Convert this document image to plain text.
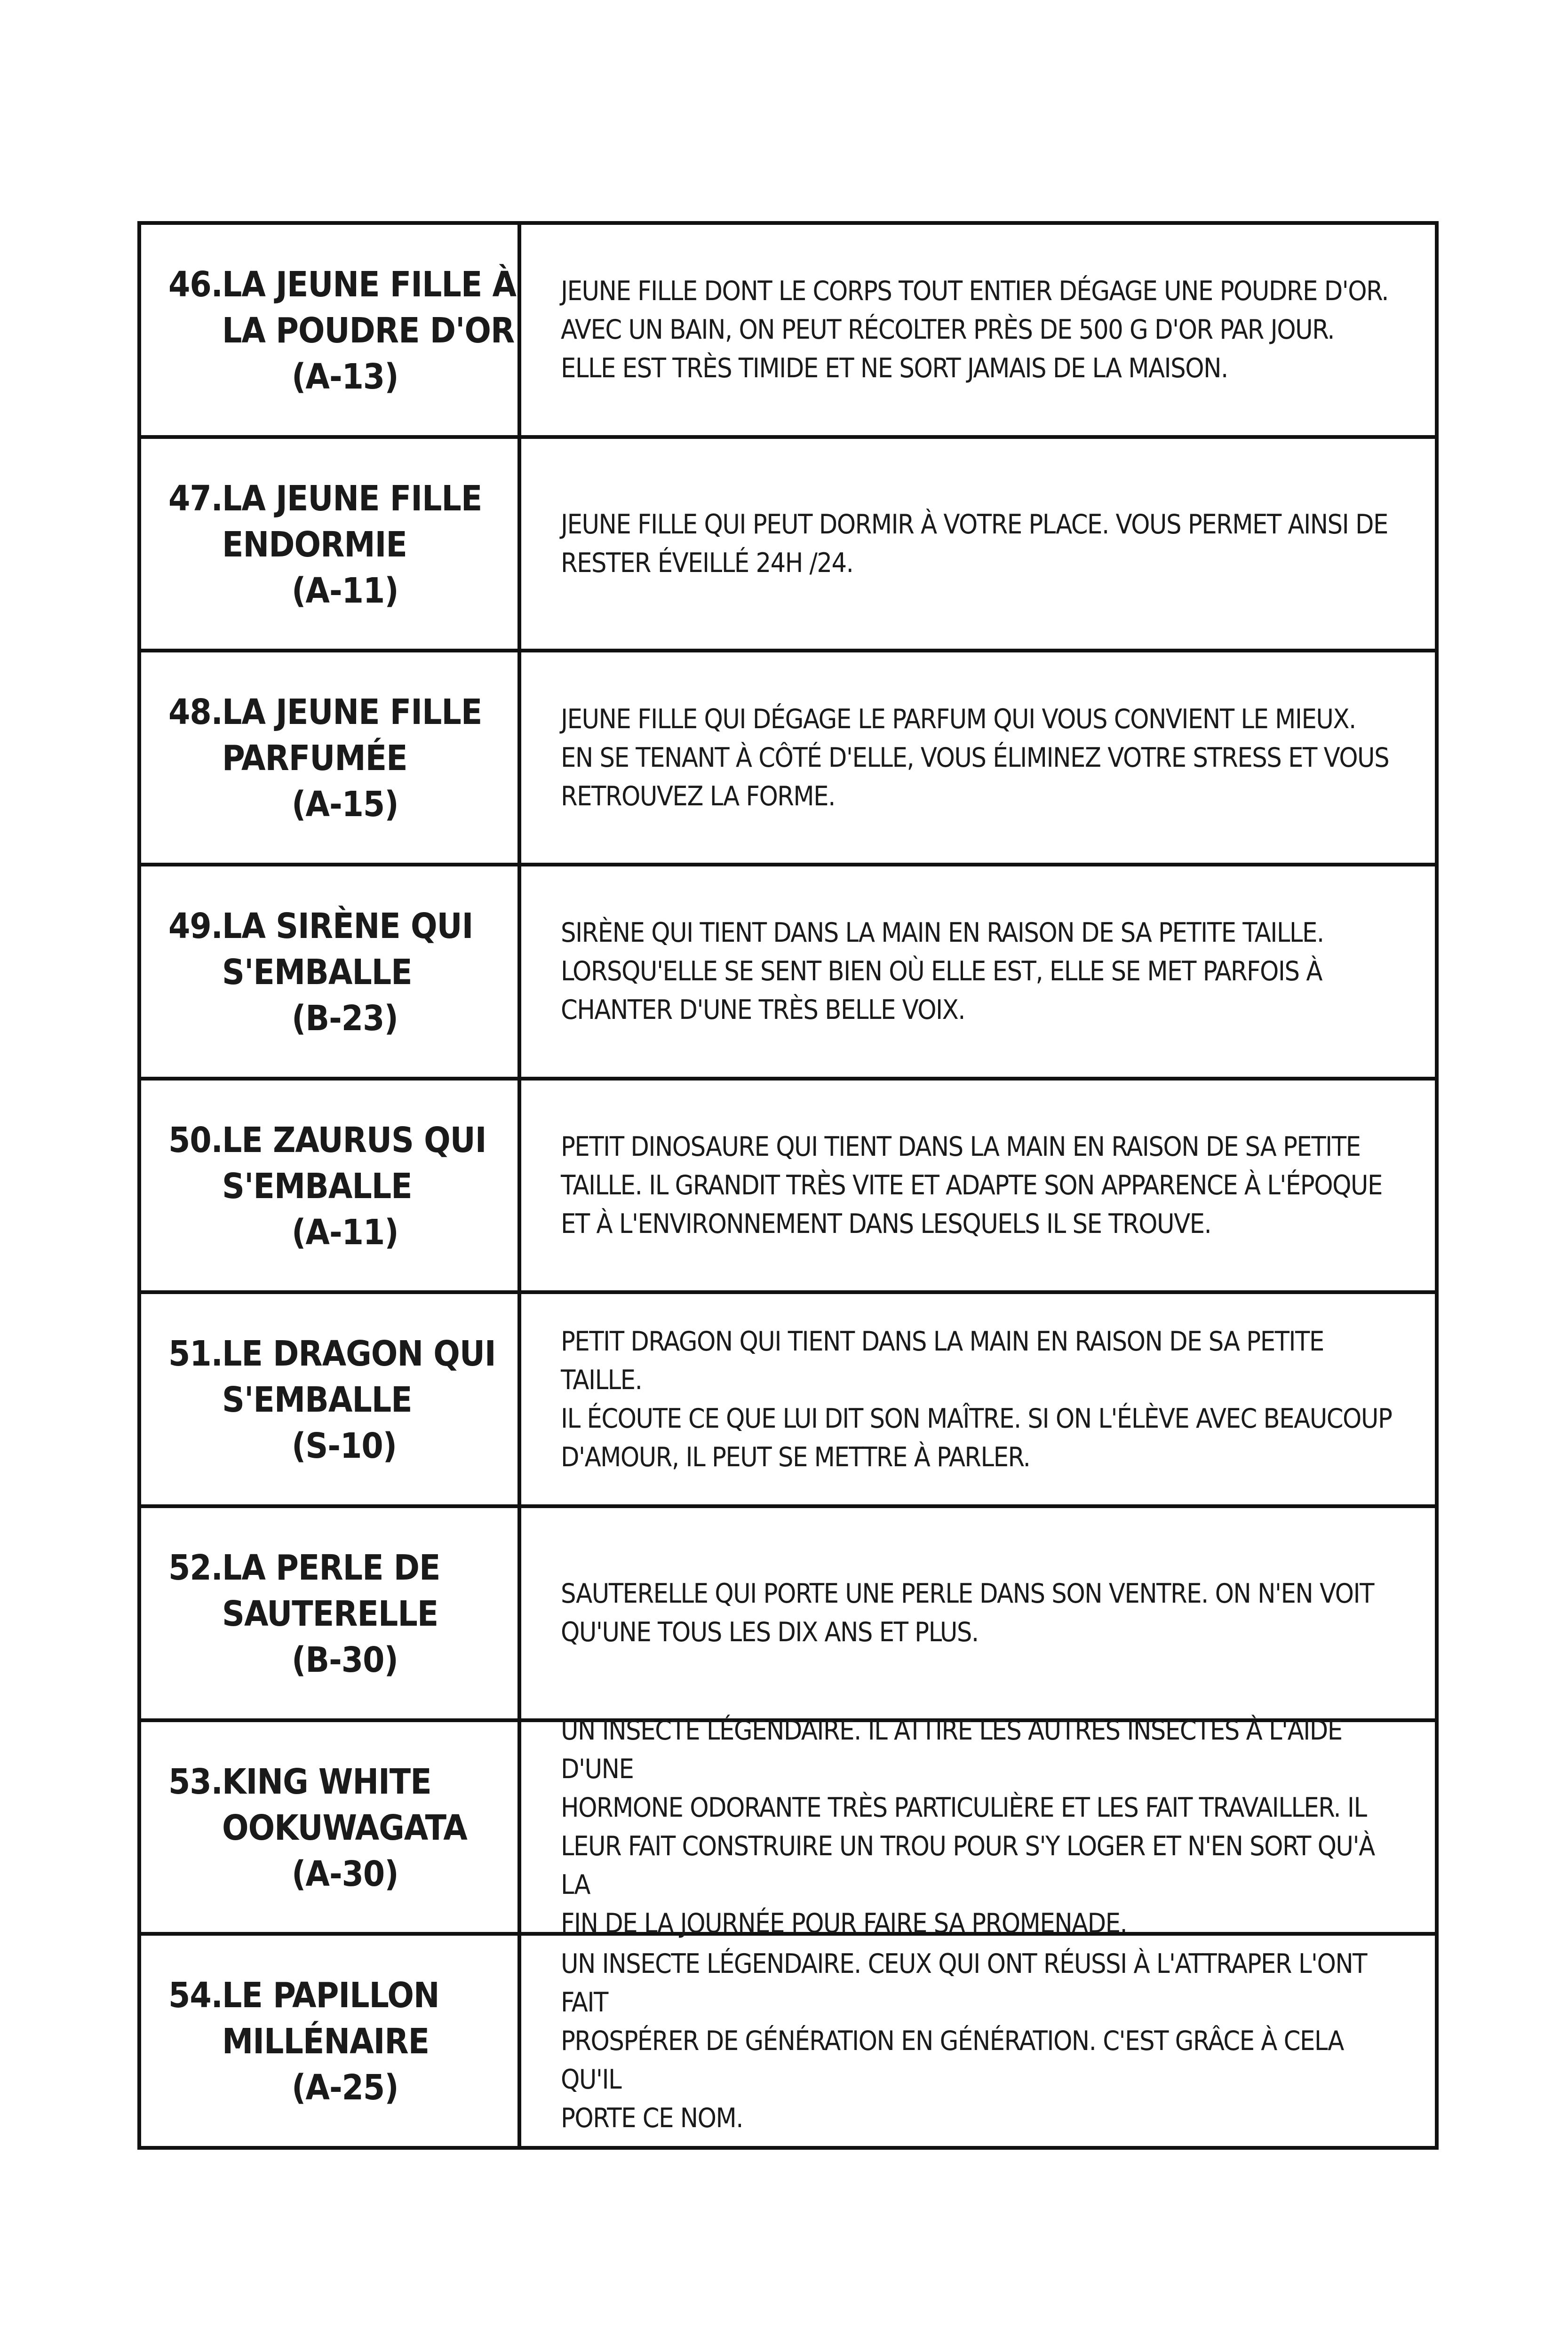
46.LA JEUNE FILLE À
LA POUDRE D'OR
(A-13)
JEUNE FILLE DONT LE CORPS TOUT ENTIER DÉGAGE UNE POUDRE D'OR.
AVEC UN BAIN, ON PEUT RÉCOLTER PRÈS DE 500 G D'OR PAR JOUR.
ELLE EST TRÈS TIMIDE ET NE SORT JAMAIS DE LA MAISON.
47.LA JEUNE FILLE
ENDORMIE
(A-11)
JEUNE FILLE QUI PEUT DORMIR À VOTRE PLACE. VOUS PERMET AINSI DE
RESTER ÉVEILLÉ 24H /24.
48.LA JEUNE FILLE
PARFUMÉE
(A-15)
JEUNE FILLE QUI DÉGAGE LE PARFUM QUI VOUS CONVIENT LE MIEUX.
EN SE TENANT À CÔTÉ D'ELLE, VOUS ÉLIMINEZ VOTRE STRESS ET VOUS
RETROUVEZ LA FORME.
49.LA SIRÈNE QUI
S'EMBALLE
(B-23)
SIRÈNE QUI TIENT DANS LA MAIN EN RAISON DE SA PETITE TAILLE.
LORSQU'ELLE SE SENT BIEN OÙ ELLE EST, ELLE SE MET PARFOIS À
CHANTER D'UNE TRÈS BELLE VOIX.
50.LE ZAURUS QUI
S'EMBALLE
(A-11)
PETIT DINOSAURE QUI TIENT DANS LA MAIN EN RAISON DE SA PETITE
TAILLE. IL GRANDIT TRÈS VITE ET ADAPTE SON APPARENCE À L'ÉPOQUE
ET À L'ENVIRONNEMENT DANS LESQUELS IL SE TROUVE.
51.LE DRAGON QUI
S'EMBALLE
(S-10)
PETIT DRAGON QUI TIENT DANS LA MAIN EN RAISON DE SA PETITE TAILLE.
IL ÉCOUTE CE QUE LUI DIT SON MAÎTRE. SI ON L'ÉLÈVE AVEC BEAUCOUP
D'AMOUR, IL PEUT SE METTRE À PARLER.
52.LA PERLE DE
SAUTERELLE
(B-30)
SAUTERELLE QUI PORTE UNE PERLE DANS SON VENTRE. ON N'EN VOIT
QU'UNE TOUS LES DIX ANS ET PLUS.
53.KING WHITE
OOKUWAGATA
(A-30)
UN INSECTE LÉGENDAIRE. IL ATTIRE LES AUTRES INSECTES À L'AIDE D'UNE
HORMONE ODORANTE TRÈS PARTICULIÈRE ET LES FAIT TRAVAILLER. IL
LEUR FAIT CONSTRUIRE UN TROU POUR S'Y LOGER ET N'EN SORT QU'À LA
FIN DE LA JOURNÉE POUR FAIRE SA PROMENADE.
54.LE PAPILLON
MILLÉNAIRE
(A-25)
UN INSECTE LÉGENDAIRE. CEUX QUI ONT RÉUSSI À L'ATTRAPER L'ONT FAIT
PROSPÉRER DE GÉNÉRATION EN GÉNÉRATION. C'EST GRÂCE À CELA QU'IL
PORTE CE NOM.
